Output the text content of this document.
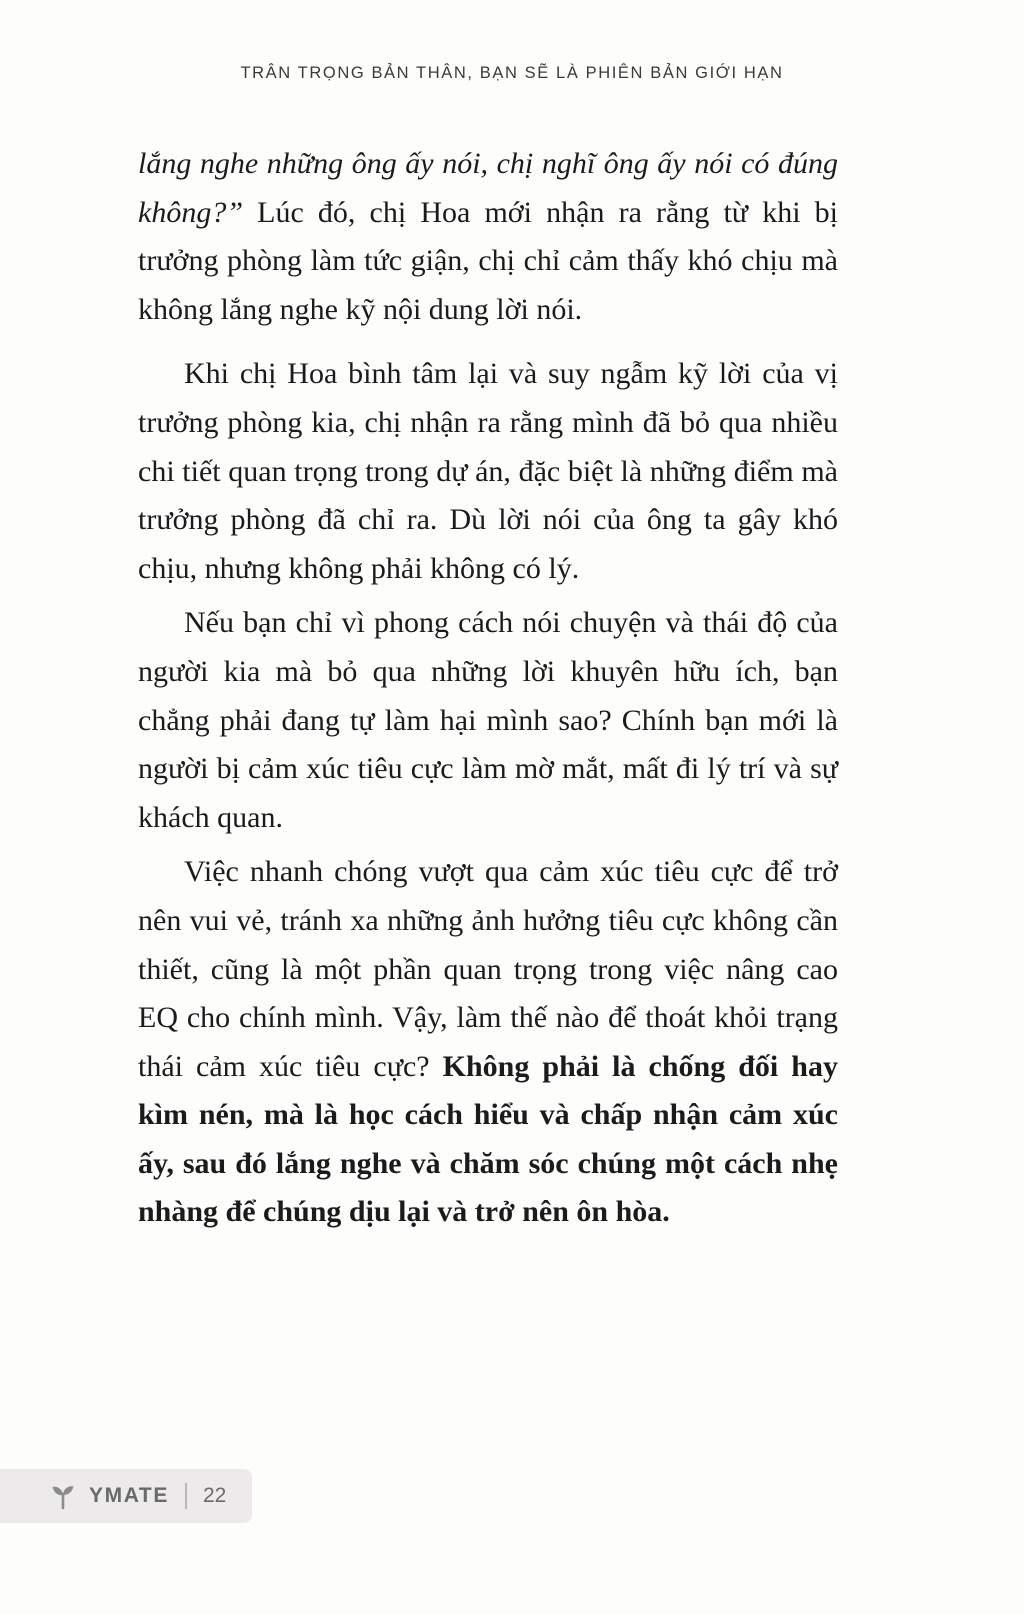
TRÂN TRỌNG BẢN THÂN, BẠN SẼ LÀ PHIÊN BẢN GIỚI HẠN

lắng nghe những ông ấy nói, chị nghĩ ông ấy nói có đúng không?” Lúc đó, chị Hoa mới nhận ra rằng từ khi bị trưởng phòng làm tức giận, chị chỉ cảm thấy khó chịu mà không lắng nghe kỹ nội dung lời nói.

Khi chị Hoa bình tâm lại và suy ngẫm kỹ lời của vị trưởng phòng kia, chị nhận ra rằng mình đã bỏ qua nhiều chi tiết quan trọng trong dự án, đặc biệt là những điểm mà trưởng phòng đã chỉ ra. Dù lời nói của ông ta gây khó chịu, nhưng không phải không có lý.

Nếu bạn chỉ vì phong cách nói chuyện và thái độ của người kia mà bỏ qua những lời khuyên hữu ích, bạn chẳng phải đang tự làm hại mình sao? Chính bạn mới là người bị cảm xúc tiêu cực làm mờ mắt, mất đi lý trí và sự khách quan.

Việc nhanh chóng vượt qua cảm xúc tiêu cực để trở nên vui vẻ, tránh xa những ảnh hưởng tiêu cực không cần thiết, cũng là một phần quan trọng trong việc nâng cao EQ cho chính mình. Vậy, làm thế nào để thoát khỏi trạng thái cảm xúc tiêu cực? Không phải là chống đối hay kìm nén, mà là học cách hiểu và chấp nhận cảm xúc ấy, sau đó lắng nghe và chăm sóc chúng một cách nhẹ nhàng để chúng dịu lại và trở nên ôn hòa.

YMATE 22
